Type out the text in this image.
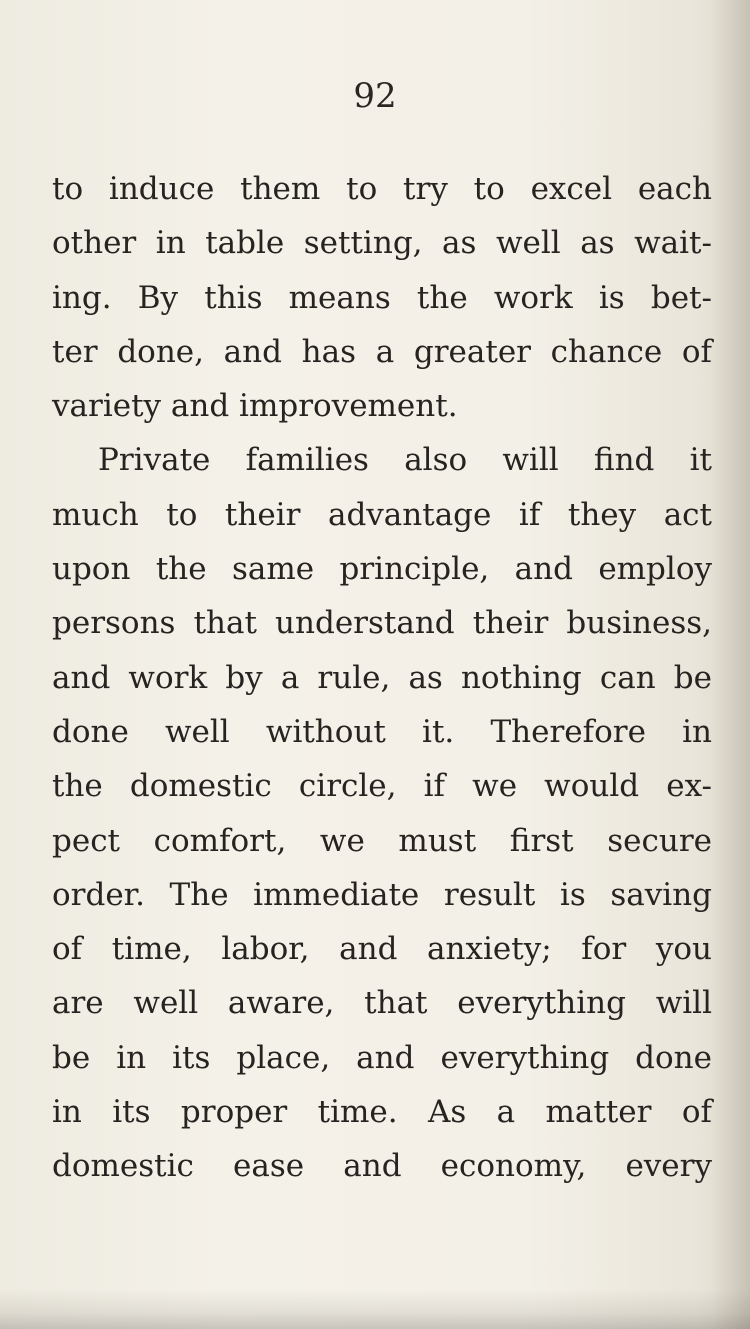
92
to induce them to try to excel each
other in table setting, as well as wait-
ing. By this means the work is bet-
ter done, and has a greater chance of
variety and improvement.
Private families also will find it
much to their advantage if they act
upon the same principle, and employ
persons that understand their business,
and work by a rule, as nothing can be
done well without it. Therefore in
the domestic circle, if we would ex-
pect comfort, we must first secure
order. The immediate result is saving
of time, labor, and anxiety; for you
are well aware, that everything will
be in its place, and everything done
in its proper time. As a matter of
domestic ease and economy, every
